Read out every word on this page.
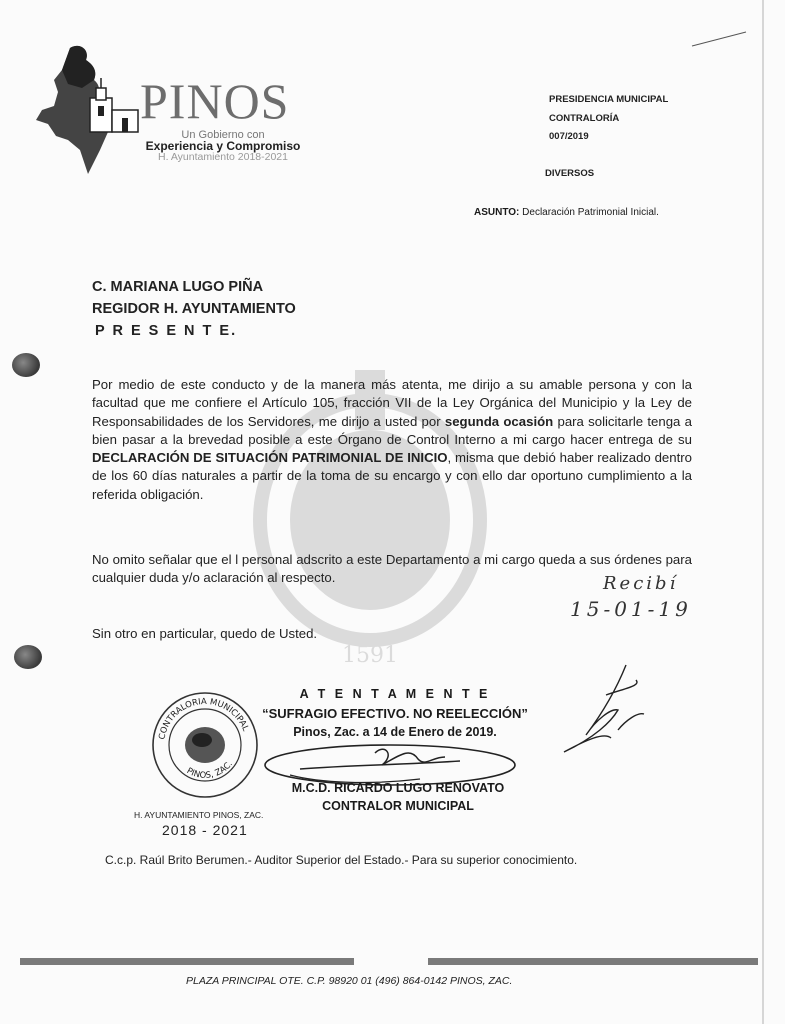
PINOS
Un Gobierno con
Experiencia y Compromiso
H. Ayuntamiento 2018-2021
PRESIDENCIA MUNICIPAL
CONTRALORÍA
007/2019
DIVERSOS
ASUNTO: Declaración Patrimonial Inicial.
C. MARIANA LUGO PIÑA
REGIDOR H. AYUNTAMIENTO
P R E S E N T E.
1591

Por medio de este conducto y de la manera más atenta, me dirijo a su amable persona y con la facultad que me confiere el Artículo 105, fracción VII de la Ley Orgánica del Municipio y la Ley de Responsabilidades de los Servidores, me dirijo a usted por segunda ocasión para solicitarle tenga a bien pasar a la brevedad posible a este Órgano de Control Interno a mi cargo hacer entrega de su DECLARACIÓN DE SITUACIÓN PATRIMONIAL DE INICIO, misma que debió haber realizado dentro de los 60 días naturales a partir de la toma de su encargo y con ello dar oportuno cumplimiento a la referida obligación.

No omito señalar que el l personal adscrito a este Departamento a mi cargo queda a sus órdenes para cualquier duda y/o aclaración al respecto.

Sin otro en particular, quedo de Usted.

Recibí
15-01-19
A T E N T A M E N T E
“SUFRAGIO EFECTIVO. NO REELECCIÓN”
Pinos, Zac. a 14 de Enero de 2019.
CONTRALORIA MUNICIPAL
PINOS, ZAC.
H. AYUNTAMIENTO PINOS, ZAC.
2018 - 2021
M.C.D. RICARDO LUGO RENOVATO
CONTRALOR MUNICIPAL
C.c.p. Raúl Brito Berumen.- Auditor Superior del Estado.- Para su superior conocimiento.
PLAZA PRINCIPAL OTE. C.P. 98920 01 (496) 864-0142 PINOS, ZAC.
